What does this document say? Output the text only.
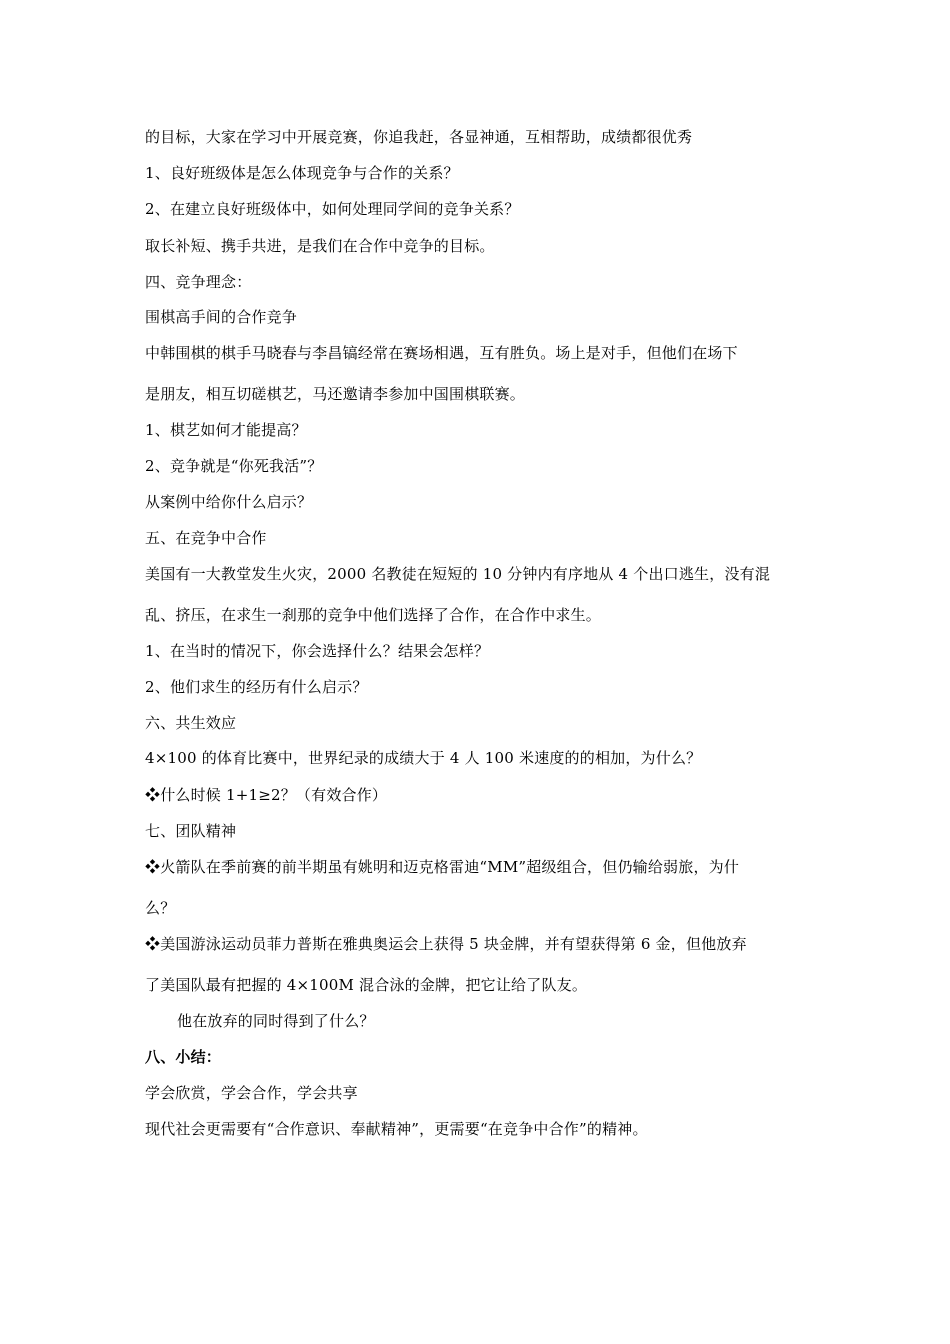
的目标，大家在学习中开展竞赛，你追我赶，各显神通，互相帮助，成绩都很优秀
1、良好班级体是怎么体现竞争与合作的关系？
2、在建立良好班级体中，如何处理同学间的竞争关系？
取长补短、携手共进，是我们在合作中竞争的目标。
四、竞争理念：
围棋高手间的合作竞争
中韩围棋的棋手马晓春与李昌镐经常在赛场相遇，互有胜负。场上是对手，但他们在场下
是朋友，相互切磋棋艺，马还邀请李参加中国围棋联赛。
1、棋艺如何才能提高？
2、竞争就是“你死我活”？
从案例中给你什么启示？
五、在竞争中合作
美国有一大教堂发生火灾，2000 名教徒在短短的 10 分钟内有序地从 4 个出口逃生，没有混
乱、挤压，在求生一刹那的竞争中他们选择了合作，在合作中求生。
1、在当时的情况下，你会选择什么？结果会怎样？
2、他们求生的经历有什么启示？
六、共生效应
4×100 的体育比赛中，世界纪录的成绩大于 4 人 100 米速度的的相加，为什么？
❖什么时候 1+1≥2？（有效合作）
七、团队精神
❖火箭队在季前赛的前半期虽有姚明和迈克格雷迪“MM”超级组合，但仍输给弱旅，为什
么？
❖美国游泳运动员菲力普斯在雅典奥运会上获得 5 块金牌，并有望获得第 6 金，但他放弃
了美国队最有把握的 4×100M 混合泳的金牌，把它让给了队友。
他在放弃的同时得到了什么？
八、小结：
学会欣赏，学会合作，学会共享
现代社会更需要有“合作意识、奉献精神”，更需要“在竞争中合作”的精神。
